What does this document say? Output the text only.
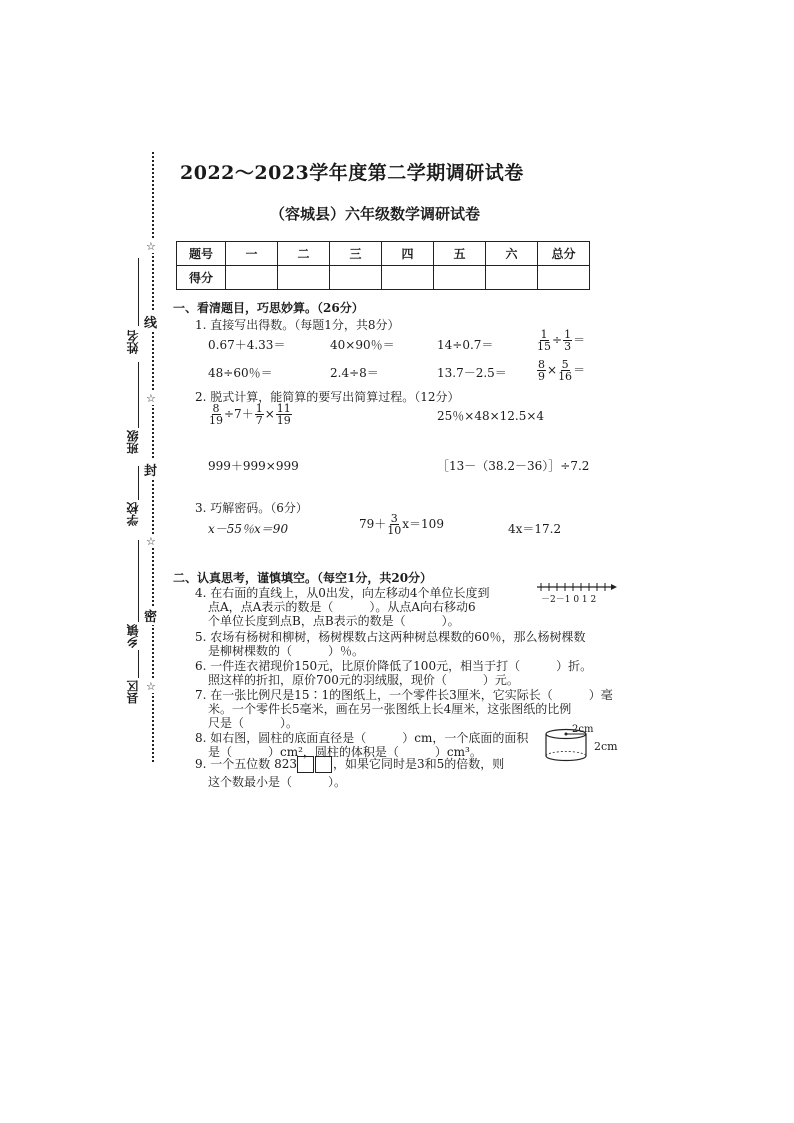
2022～2023学年度第二学期调研试卷
（容城县）六年级数学调研试卷
题号	一	二	三	四	五	六	总分
得分							
☆
☆
☆
☆
线
封
密
姓名
班级
学校
乡镇
县区
一、看清题目，巧思妙算。（26分）
1. 直接写出得数。（每题1分，共8分）
0.67＋4.33＝	40×90％＝	14÷0.7＝	$\frac{1}{15} \div \frac{1}{3}$ ＝
48÷60％＝	2.4÷8＝	13.7－2.5＝	$\frac{8}{9} \times \frac{5}{16}$ ＝
2. 脱式计算，能简算的要写出简算过程。（12分）
$\frac{8}{19} \div 7+ \frac{1}{7} \times \frac{11}{19}$	25％×48×12.5×4
999＋999×999	［13－（38.2－36）］÷7.2
3. 巧解密码。（6分）
x－55％x＝90	$79+ \frac{3}{10} x=109$	4x＝17.2
二、认真思考，谨慎填空。（每空1分，共20分）
4. 在右面的直线上，从0出发，向左移动4个单位长度到
点A，点A表示的数是（　　　）。从点A向右移动6
个单位长度到点B，点B表示的数是（　　　）。
－2－1 0 1 2
5. 农场有杨树和柳树，杨树棵数占这两种树总棵数的60％，那么杨树棵数
是柳树棵数的（　　　）％。
6. 一件连衣裙现价150元，比原价降低了100元，相当于打（　　　）折。
照这样的折扣，原价700元的羽绒服，现价（　　　）元。
7. 在一张比例尺是15∶1的图纸上，一个零件长3厘米，它实际长（　　　）毫
米。一个零件长5毫米，画在另一张图纸上长4厘米，这张图纸的比例
尺是（　　　）。
8. 如右图，圆柱的底面直径是（　　　）cm，一个底面的面积
是（　　　）cm²，圆柱的体积是（　　　）cm³。
2cm
2cm
9. 一个五位数 823	，如果它同时是3和5的倍数，则
这个数最小是（　　　）。
